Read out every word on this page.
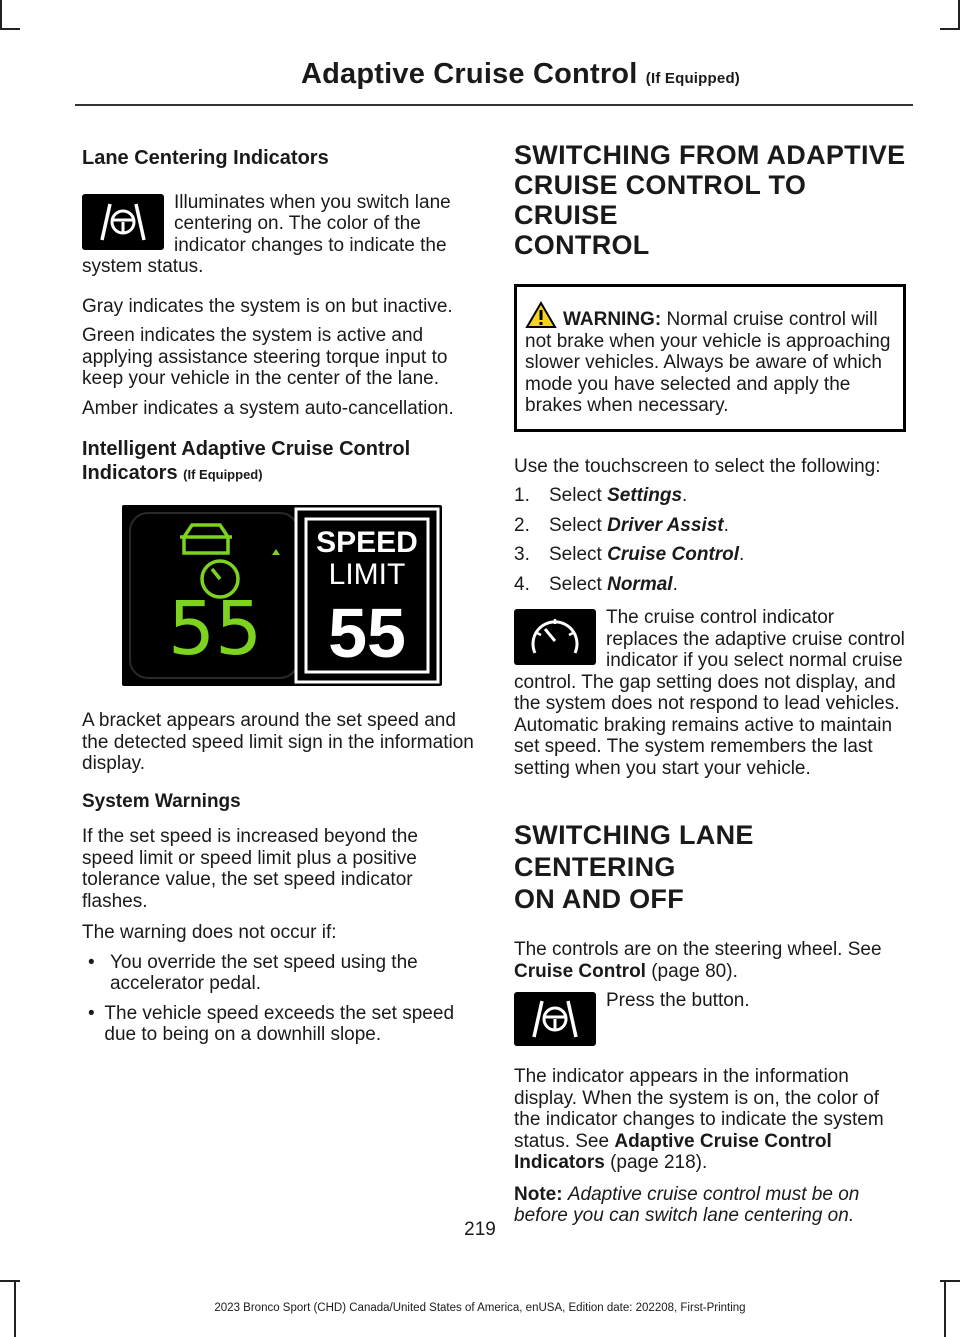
Adaptive Cruise Control (If Equipped)

Lane Centering Indicators

Illuminates when you switch lane centering on. The color of the indicator changes to indicate the system status.

Gray indicates the system is on but inactive.

Green indicates the system is active and applying assistance steering torque input to keep your vehicle in the center of the lane.

Amber indicates a system auto-cancellation.

Intelligent Adaptive Cruise Control Indicators (If Equipped)

55
SPEED
LIMIT
55

A bracket appears around the set speed and the detected speed limit sign in the information display.

System Warnings

If the set speed is increased beyond the speed limit or speed limit plus a positive tolerance value, the set speed indicator flashes.

The warning does not occur if:

• You override the set speed using the accelerator pedal.
• The vehicle speed exceeds the set speed due to being on a downhill slope.
SWITCHING FROM ADAPTIVE
CRUISE CONTROL TO CRUISE
CONTROL

WARNING: Normal cruise control will not brake when your vehicle is approaching slower vehicles. Always be aware of which mode you have selected and apply the brakes when necessary.

Use the touchscreen to select the following:

1.	Select Settings.
2.	Select Driver Assist.
3.	Select Cruise Control.
4.	Select Normal.

The cruise control indicator replaces the adaptive cruise control indicator if you select normal cruise control. The gap setting does not display, and the system does not respond to lead vehicles. Automatic braking remains active to maintain set speed. The system remembers the last setting when you start your vehicle.

SWITCHING LANE CENTERING
ON AND OFF

The controls are on the steering wheel. See Cruise Control (page 80).

Press the button.

The indicator appears in the information display. When the system is on, the color of the indicator changes to indicate the system status. See Adaptive Cruise Control Indicators (page 218).

Note: Adaptive cruise control must be on before you can switch lane centering on.

219
2023 Bronco Sport (CHD) Canada/United States of America, enUSA, Edition date: 202208, First-Printing
